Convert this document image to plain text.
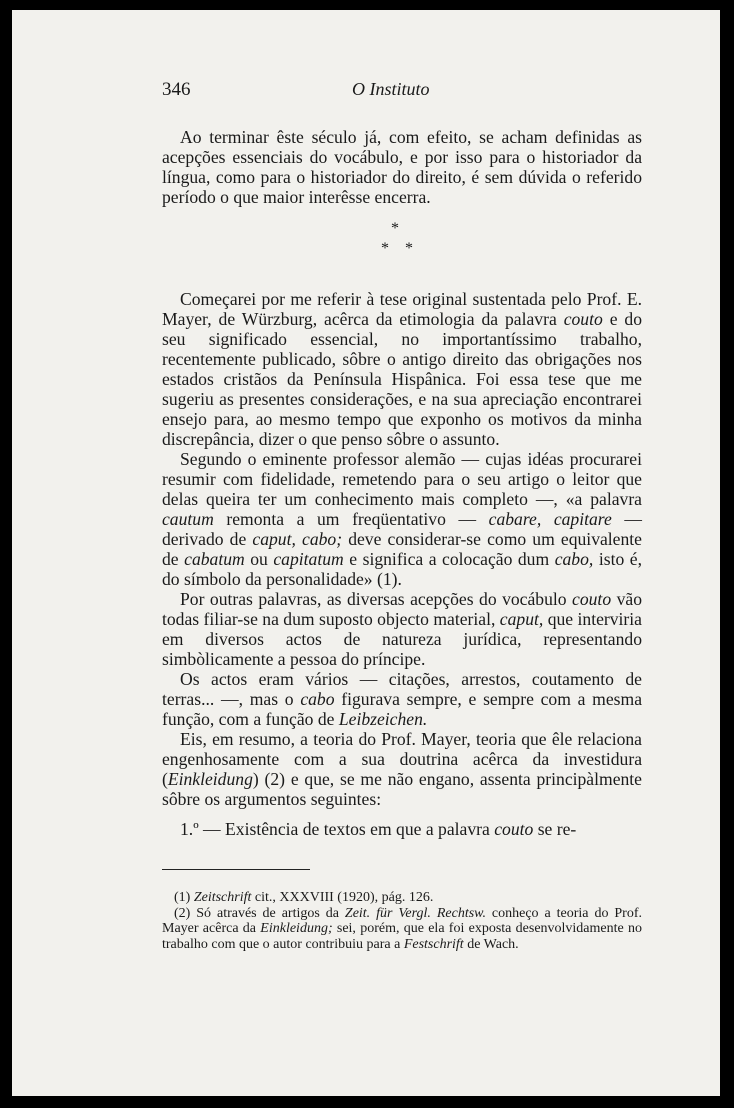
346	O Instituto

Ao terminar êste século já, com efeito, se acham definidas as acepções essenciais do vocábulo, e por isso para o historiador da língua, como para o historiador do direito, é sem dúvida o referido período o que maior interêsse encerra.

*
* *

Começarei por me referir à tese original sustentada pelo Prof. E. Mayer, de Würzburg, acêrca da etimologia da palavra couto e do seu significado essencial, no importantíssimo trabalho, recentemente publicado, sôbre o antigo direito das obrigações nos estados cristãos da Península Hispânica. Foi essa tese que me sugeriu as presentes considerações, e na sua apreciação encontrarei ensejo para, ao mesmo tempo que exponho os motivos da minha discrepância, dizer o que penso sôbre o assunto.

Segundo o eminente professor alemão — cujas idéas procurarei resumir com fidelidade, remetendo para o seu artigo o leitor que delas queira ter um conhecimento mais completo —, «a palavra cautum remonta a um freqüentativo — cabare, capitare — derivado de caput, cabo; deve considerar-se como um equivalente de cabatum ou capitatum e significa a colocação dum cabo, isto é, do símbolo da personalidade» (1).

Por outras palavras, as diversas acepções do vocábulo couto vão todas filiar-se na dum suposto objecto material, caput, que interviria em diversos actos de natureza jurídica, representando simbòlicamente a pessoa do príncipe.

Os actos eram vários — citações, arrestos, coutamento de terras... —, mas o cabo figurava sempre, e sempre com a mesma função, com a função de Leibzeichen.

Eis, em resumo, a teoria do Prof. Mayer, teoria que êle relaciona engenhosamente com a sua doutrina acêrca da investidura (Einkleidung) (2) e que, se me não engano, assenta principàlmente sôbre os argumentos seguintes:

1.º — Existência de textos em que a palavra couto se re-

(1) Zeitschrift cit., XXXVIII (1920), pág. 126.

(2) Só através de artigos da Zeit. für Vergl. Rechtsw. conheço a teoria do Prof. Mayer acêrca da Einkleidung; sei, porém, que ela foi exposta desenvolvidamente no trabalho com que o autor contribuiu para a Festschrift de Wach.
